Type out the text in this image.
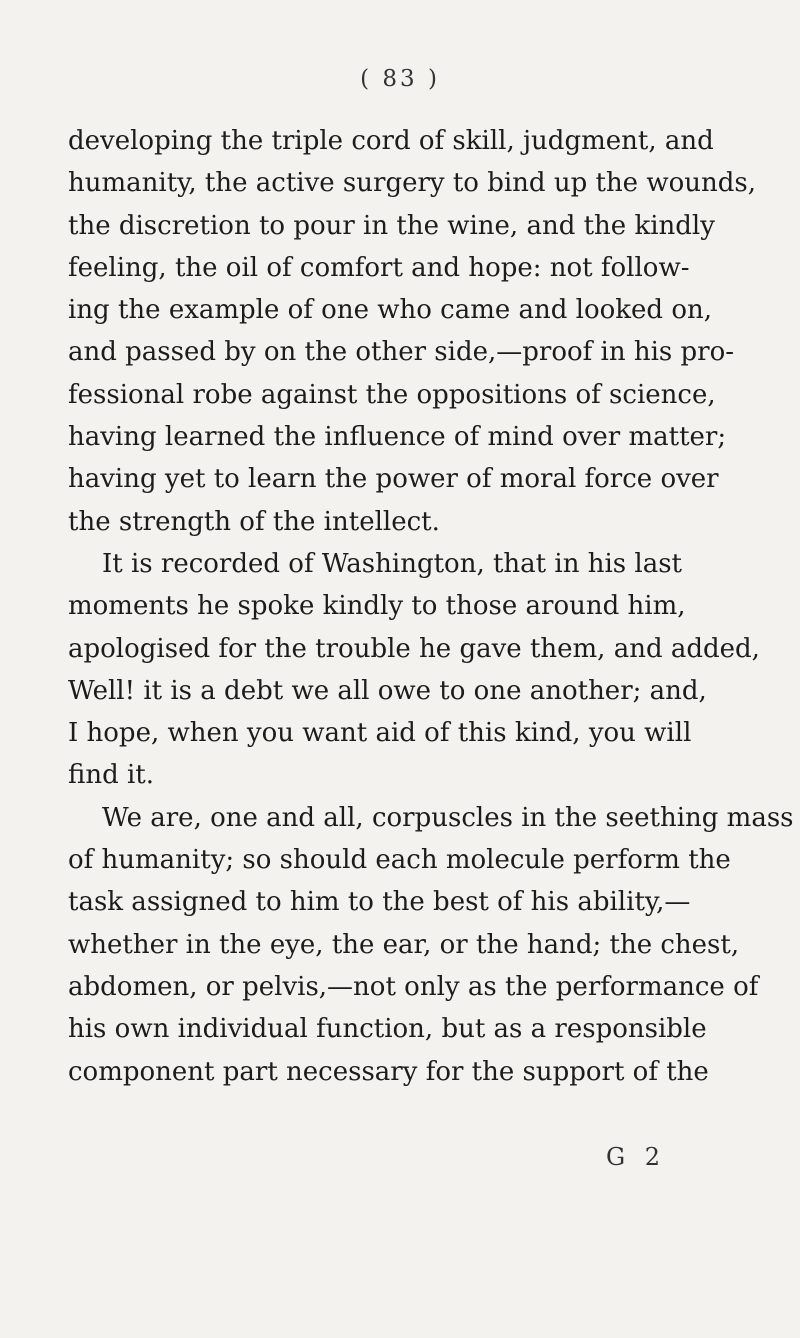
( 83 )
developing the triple cord of skill, judgment, and
humanity, the active surgery to bind up the wounds,
the discretion to pour in the wine, and the kindly
feeling, the oil of comfort and hope: not follow-
ing the example of one who came and looked on,
and passed by on the other side,—proof in his pro-
fessional robe against the oppositions of science,
having learned the influence of mind over matter;
having yet to learn the power of moral force over
the strength of the intellect.
It is recorded of Washington, that in his last
moments he spoke kindly to those around him,
apologised for the trouble he gave them, and added,
Well! it is a debt we all owe to one another; and,
I hope, when you want aid of this kind, you will
find it.
We are, one and all, corpuscles in the seething mass
of humanity; so should each molecule perform the
task assigned to him to the best of his ability,—
whether in the eye, the ear, or the hand; the chest,
abdomen, or pelvis,—not only as the performance of
his own individual function, but as a responsible
component part necessary for the support of the
G 2
